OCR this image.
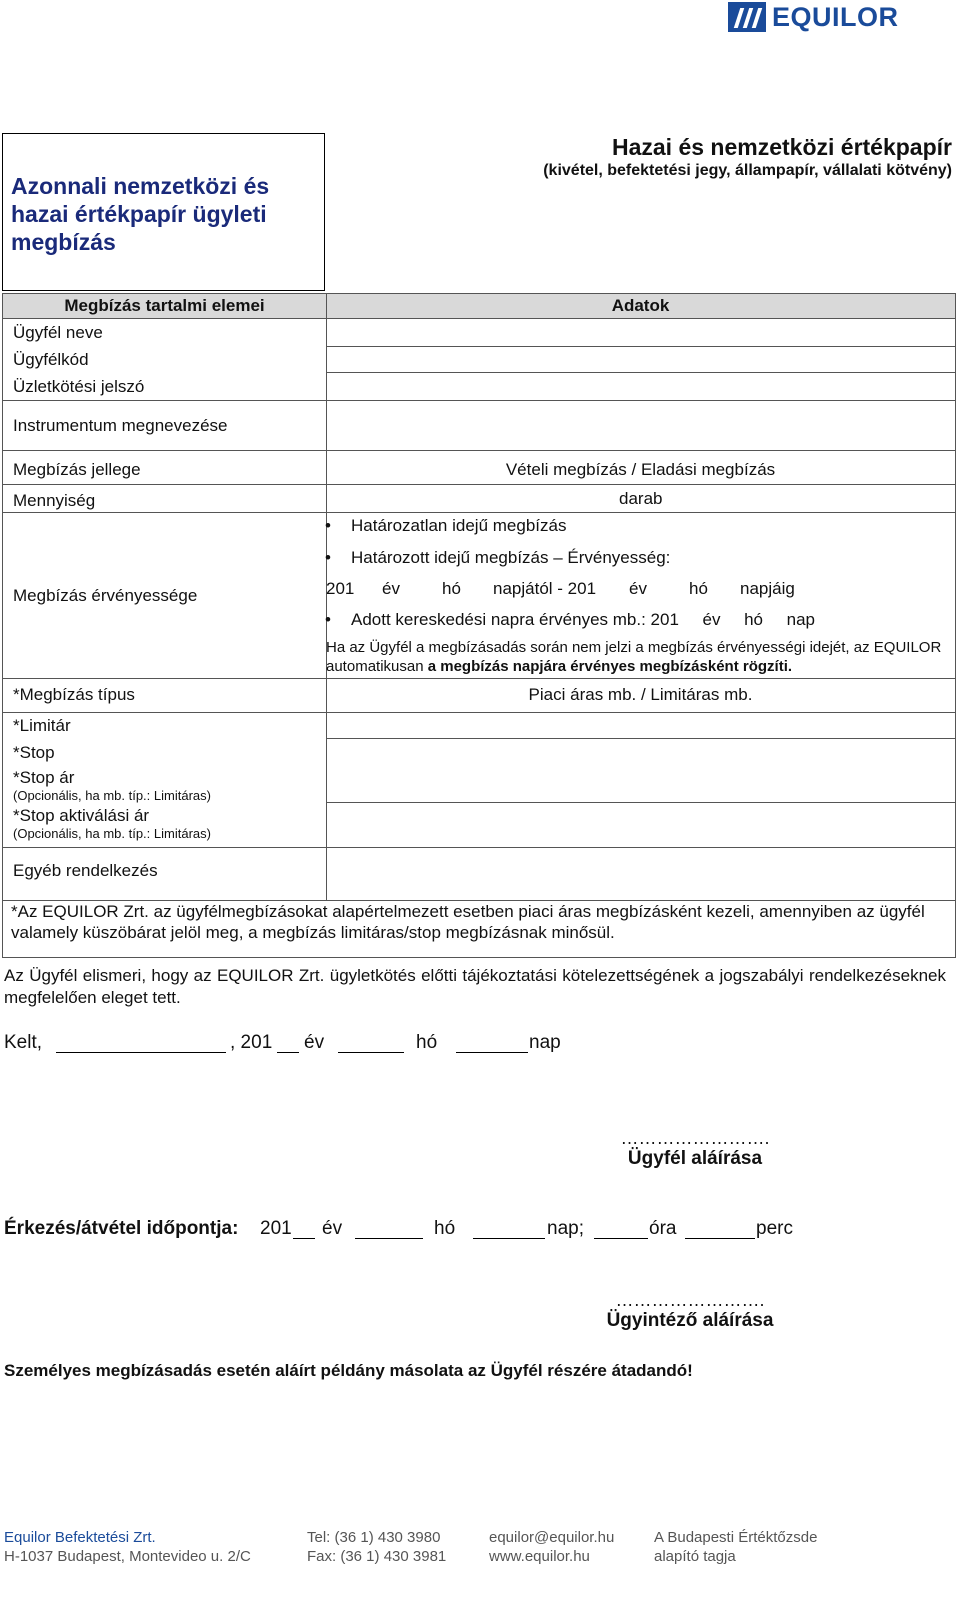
EQUILOR
Azonnali nemzetközi és hazai értékpapír ügyleti megbízás
Hazai és nemzetközi értékpapír
(kivétel, befektetési jegy, állampapír, vállalati kötvény)
Megbízás tartalmi elemei	Adatok
Ügyfél neve
Ügyfélkód
Üzletkötési jelszó
Instrumentum megnevezése
Megbízás jellege	Vételi megbízás / Eladási megbízás
Mennyiség	darab
Megbízás érvényessége
• Határozatlan idejű megbízás
• Határozott idejű megbízás – Érvényesség:
201 év hó napjától - 201 év hó napjáig
• Adott kereskedési napra érvényes mb.: 201     év     hó     nap
Ha az Ügyfél a megbízásadás során nem jelzi a megbízás érvényességi idejét, az EQUILOR automatikusan a megbízás napjára érvényes megbízásként rögzíti.
*Megbízás típus	Piaci áras mb. / Limitáras mb.
*Limitár
*Stop
*Stop ár
(Opcionális, ha mb. típ.: Limitáras)
*Stop aktiválási ár
(Opcionális, ha mb. típ.: Limitáras)
Egyéb rendelkezés
*Az EQUILOR Zrt. az ügyfélmegbízásokat alapértelmezett esetben piaci áras megbízásként kezeli, amennyiben az ügyfél valamely küszöbárat jelöl meg, a megbízás limitáras/stop megbízásnak minősül.
Az Ügyfél elismeri, hogy az EQUILOR Zrt. ügyletkötés előtti tájékoztatási kötelezettségének a jogszabályi rendelkezéseknek megfelelően eleget tett.
Kelt,	, 201 év	hó	nap
…………………….
Ügyfél aláírása
Érkezés/átvétel időpontja: 201 év	hó	nap;	óra	perc
…………………….
Ügyintéző aláírása
Személyes megbízásadás esetén aláírt példány másolata az Ügyfél részére átadandó!
Equilor Befektetési Zrt.
H-1037 Budapest, Montevideo u. 2/C
Tel: (36 1) 430 3980
Fax: (36 1) 430 3981
equilor@equilor.hu
www.equilor.hu
A Budapesti Értéktőzsde
alapító tagja
